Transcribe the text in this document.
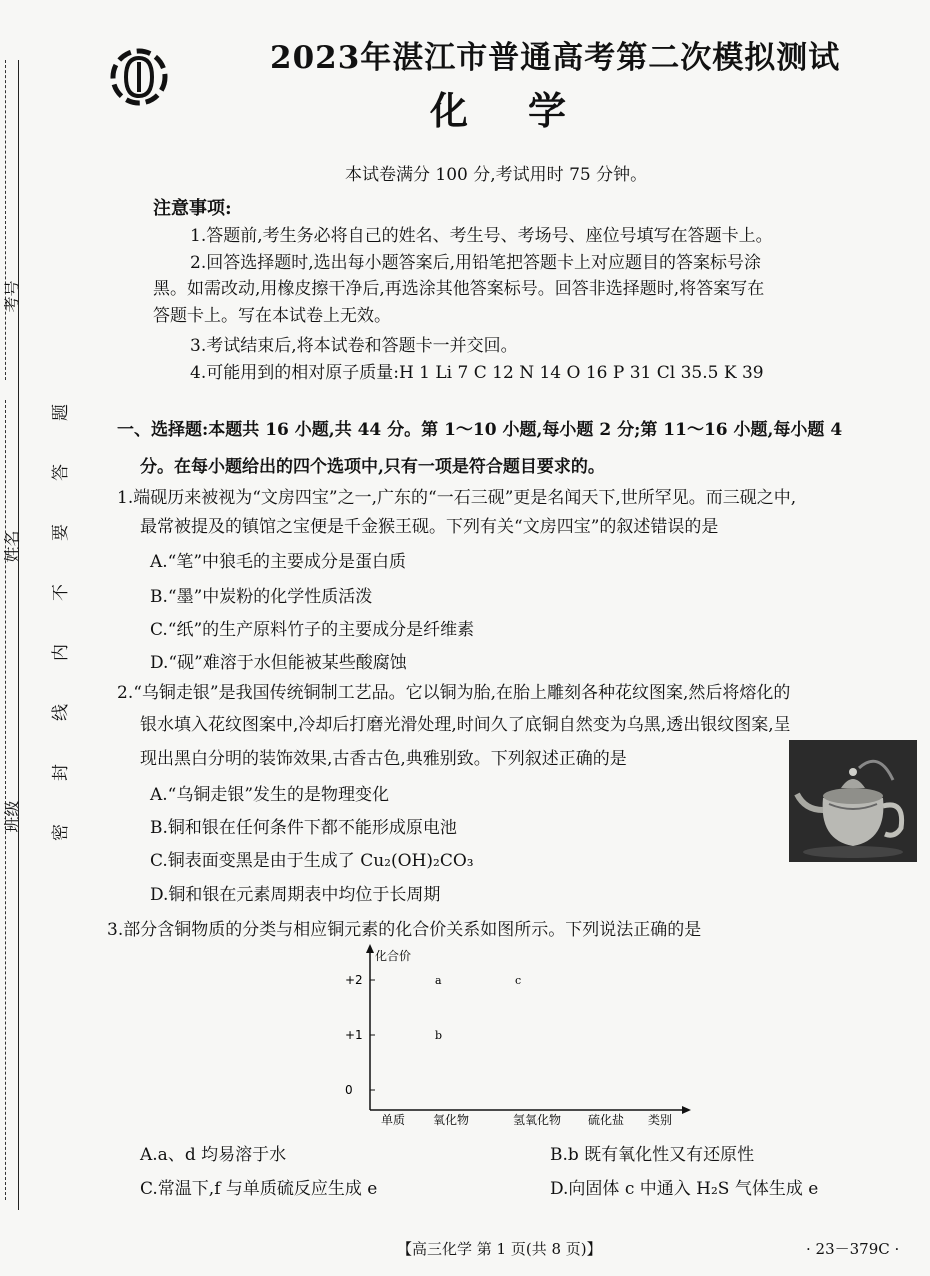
考号
姓名
班级
题
答
要
不
内
线
封
密
2023年湛江市普通高考第二次模拟测试
化学
本试卷满分 100 分,考试用时 75 分钟。
注意事项:
1.答题前,考生务必将自己的姓名、考生号、考场号、座位号填写在答题卡上。
2.回答选择题时,选出每小题答案后,用铅笔把答题卡上对应题目的答案标号涂
黑。如需改动,用橡皮擦干净后,再选涂其他答案标号。回答非选择题时,将答案写在
答题卡上。写在本试卷上无效。
3.考试结束后,将本试卷和答题卡一并交回。
4.可能用到的相对原子质量:H 1 Li 7 C 12 N 14 O 16 P 31 Cl 35.5 K 39
一、选择题:本题共 16 小题,共 44 分。第 1～10 小题,每小题 2 分;第 11～16 小题,每小题 4
分。在每小题给出的四个选项中,只有一项是符合题目要求的。
1.端砚历来被视为“文房四宝”之一,广东的“一石三砚”更是名闻天下,世所罕见。而三砚之中,
最常被提及的镇馆之宝便是千金猴王砚。下列有关“文房四宝”的叙述错误的是
A.“笔”中狼毛的主要成分是蛋白质
B.“墨”中炭粉的化学性质活泼
C.“纸”的生产原料竹子的主要成分是纤维素
D.“砚”难溶于水但能被某些酸腐蚀
2.“乌铜走银”是我国传统铜制工艺品。它以铜为胎,在胎上雕刻各种花纹图案,然后将熔化的
银水填入花纹图案中,冷却后打磨光滑处理,时间久了底铜自然变为乌黑,透出银纹图案,呈
现出黑白分明的装饰效果,古香古色,典雅别致。下列叙述正确的是
A.“乌铜走银”发生的是物理变化
B.铜和银在任何条件下都不能形成原电池
C.铜表面变黑是由于生成了 Cu₂(OH)₂CO₃
D.铜和银在元素周期表中均位于长周期
3.部分含铜物质的分类与相应铜元素的化合价关系如图所示。下列说法正确的是
化合价
类别
+2
+1
0
单质 氧化物	氢氧化物 硫化盐
a	c
b
A.a、d 均易溶于水	B.b 既有氧化性又有还原性
C.常温下,f 与单质硫反应生成 e	D.向固体 c 中通入 H₂S 气体生成 e
【高三化学 第 1 页(共 8 页)】	· 23－379C ·
